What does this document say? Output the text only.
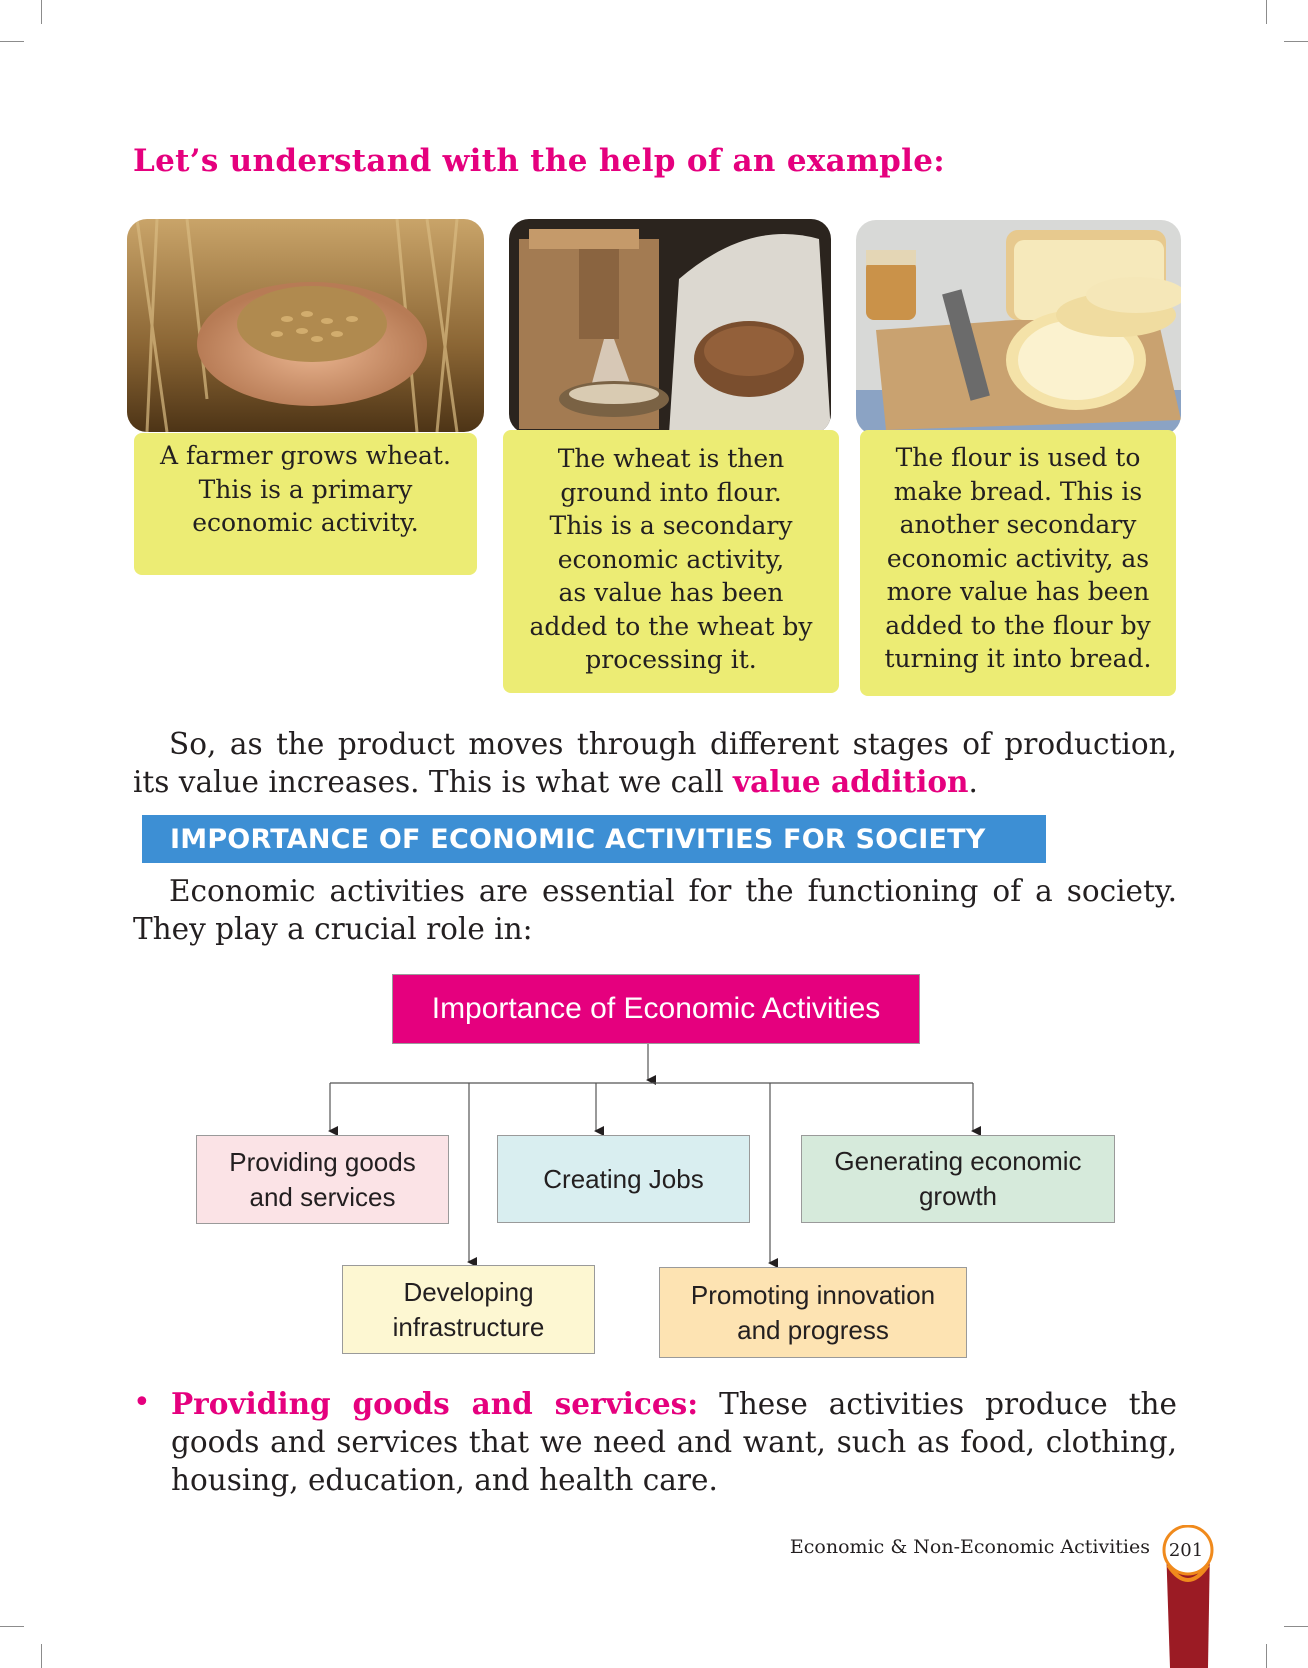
Let’s understand with the help of an example:
A farmer grows wheat.
This is a primary
economic activity.
The wheat is then
ground into flour.
This is a secondary
economic activity,
as value has been
added to the wheat by
processing it.
The flour is used to
make bread. This is
another secondary
economic activity, as
more value has been
added to the flour by
turning it into bread.

So, as the product moves through different stages of production, its value increases. This is what we call value addition.

IMPORTANCE OF ECONOMIC ACTIVITIES FOR SOCIETY

Economic activities are essential for the functioning of a society. They play a crucial role in:

Importance of Economic Activities
Providing goods
and services
Creating Jobs
Generating economic
growth
Developing
infrastructure
Promoting innovation
and progress
• Providing goods and services: These activities produce the goods and services that we need and want, such as food, clothing, housing, education, and health care.

Economic & Non-Economic Activities	201
